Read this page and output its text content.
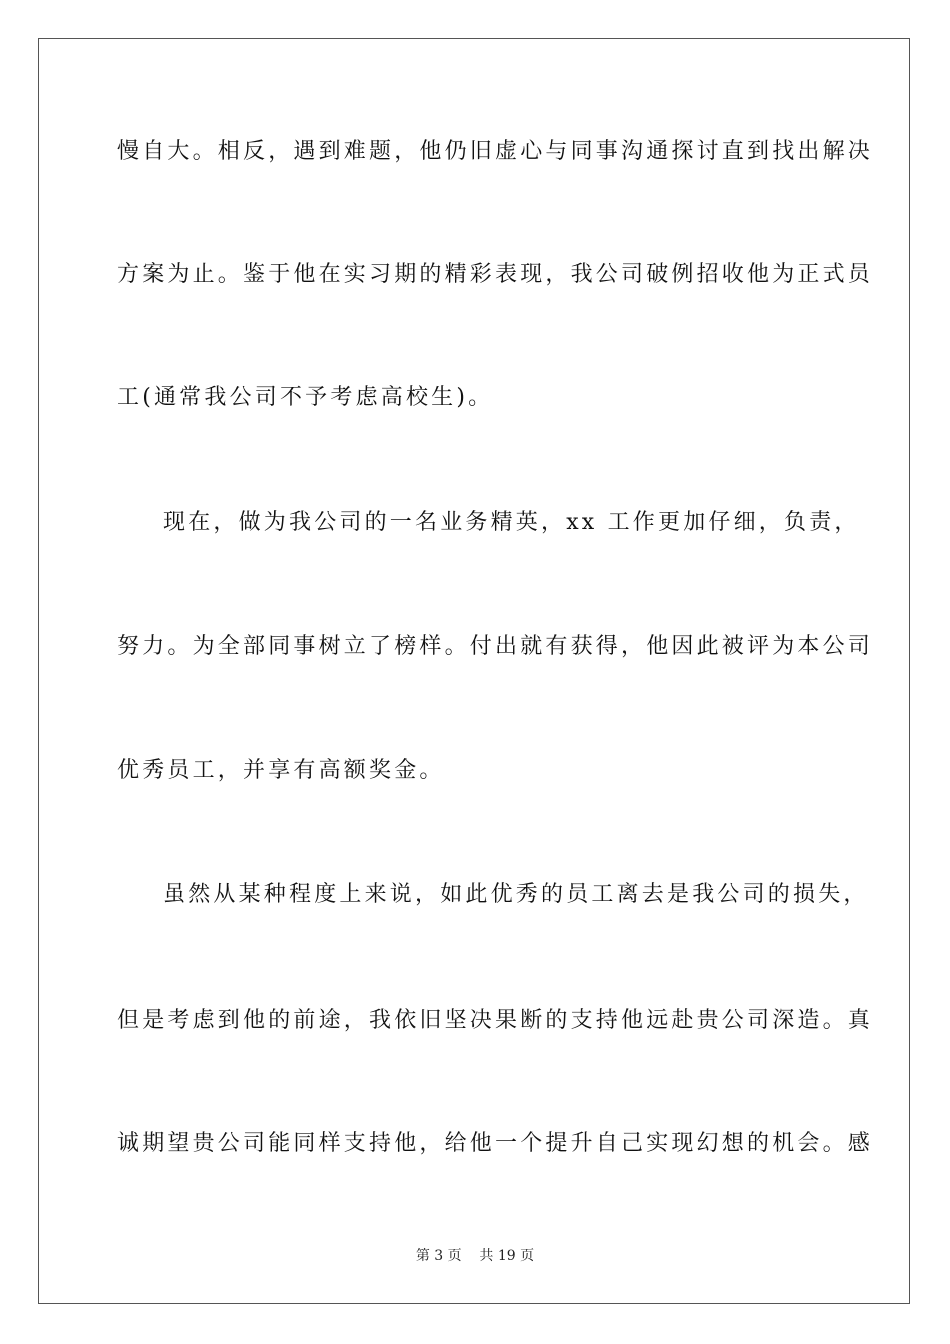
慢自大。相反，遇到难题，他仍旧虚心与同事沟通探讨直到找出解决
方案为止。鉴于他在实习期的精彩表现，我公司破例招收他为正式员
工(通常我公司不予考虑高校生)。
现在，做为我公司的一名业务精英，xx 工作更加仔细，负责，
努力。为全部同事树立了榜样。付出就有获得，他因此被评为本公司
优秀员工，并享有高额奖金。
虽然从某种程度上来说，如此优秀的员工离去是我公司的损失，
但是考虑到他的前途，我依旧坚决果断的支持他远赴贵公司深造。真
诚期望贵公司能同样支持他，给他一个提升自己实现幻想的机会。感
第 3 页    共 19 页
